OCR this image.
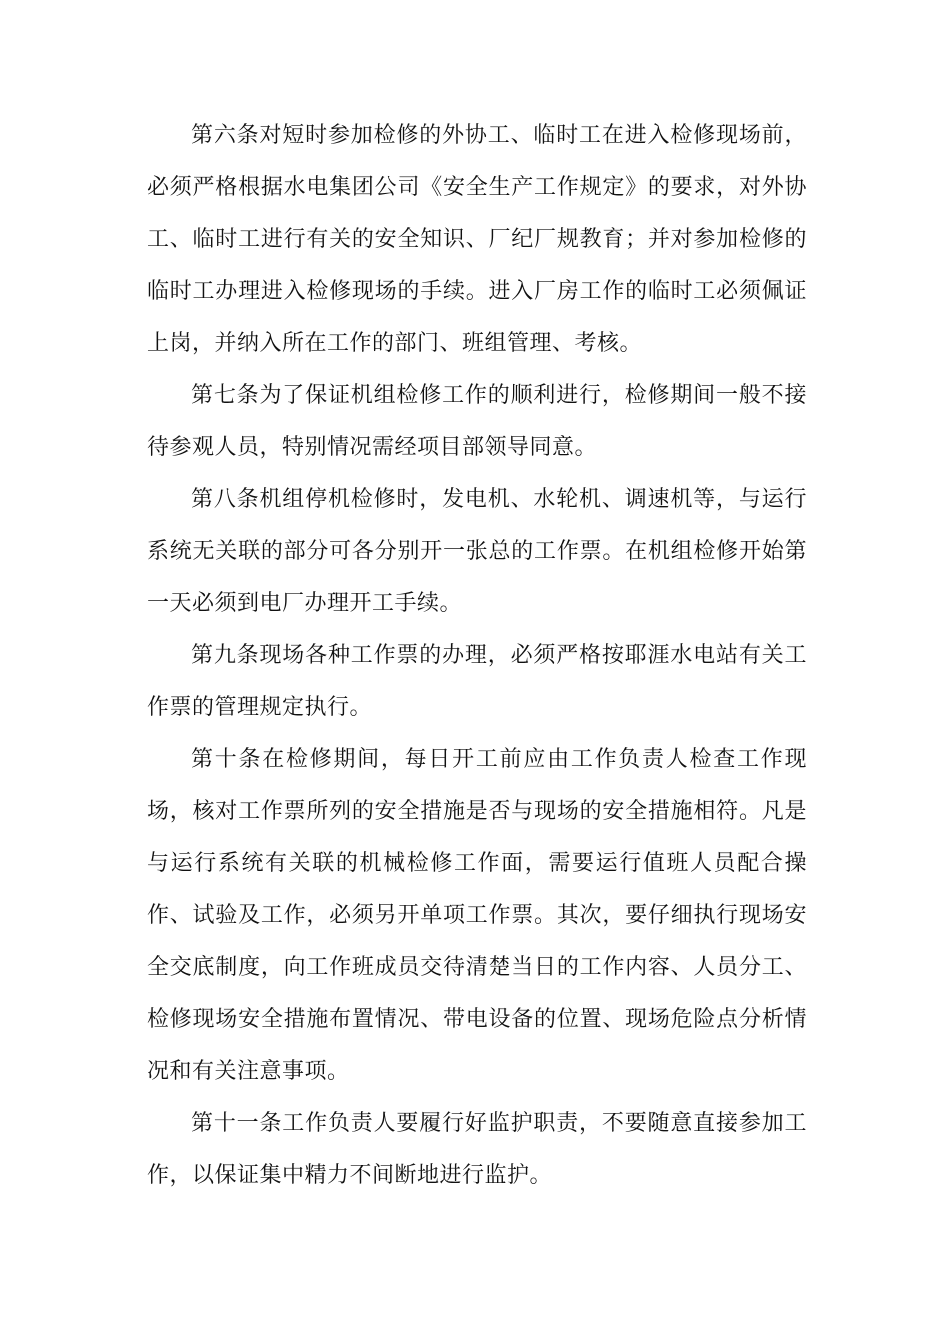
第六条对短时参加检修的外协工、临时工在进入检修现场前，必须严格根据水电集团公司《安全生产工作规定》的要求，对外协工、临时工进行有关的安全知识、厂纪厂规教育；并对参加检修的临时工办理进入检修现场的手续。进入厂房工作的临时工必须佩证上岗，并纳入所在工作的部门、班组管理、考核。

第七条为了保证机组检修工作的顺利进行，检修期间一般不接待参观人员，特别情况需经项目部领导同意。

第八条机组停机检修时，发电机、水轮机、调速机等，与运行系统无关联的部分可各分别开一张总的工作票。在机组检修开始第一天必须到电厂办理开工手续。

第九条现场各种工作票的办理，必须严格按耶涯水电站有关工作票的管理规定执行。

第十条在检修期间，每日开工前应由工作负责人检查工作现场，核对工作票所列的安全措施是否与现场的安全措施相符。凡是与运行系统有关联的机械检修工作面，需要运行值班人员配合操作、试验及工作，必须另开单项工作票。其次，要仔细执行现场安全交底制度，向工作班成员交待清楚当日的工作内容、人员分工、检修现场安全措施布置情况、带电设备的位置、现场危险点分析情况和有关注意事项。

第十一条工作负责人要履行好监护职责，不要随意直接参加工作，以保证集中精力不间断地进行监护。
